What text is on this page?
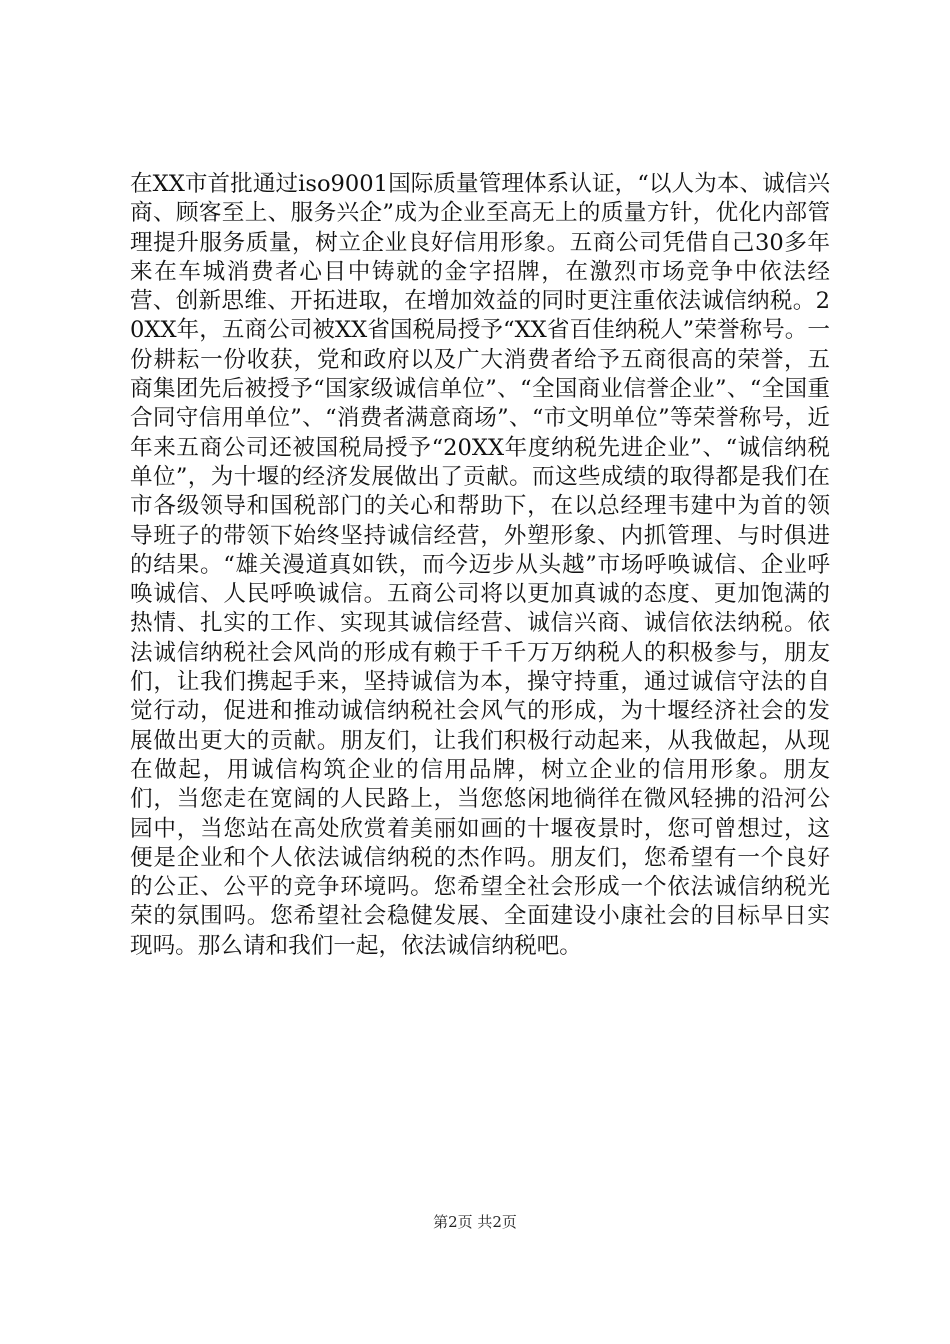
在XX市首批通过iso9001国际质量管理体系认证，“以人为本、诚信兴商、顾客至上、服务兴企”成为企业至高无上的质量方针，优化内部管理提升服务质量，树立企业良好信用形象。五商公司凭借自己30多年来在车城消费者心目中铸就的金字招牌，在激烈市场竞争中依法经营、创新思维、开拓进取，在增加效益的同时更注重依法诚信纳税。20XX年，五商公司被XX省国税局授予“XX省百佳纳税人”荣誉称号。一份耕耘一份收获，党和政府以及广大消费者给予五商很高的荣誉，五商集团先后被授予“国家级诚信单位”、“全国商业信誉企业”、“全国重合同守信用单位”、“消费者满意商场”、“市文明单位”等荣誉称号，近年来五商公司还被国税局授予“20XX年度纳税先进企业”、“诚信纳税单位”，为十堰的经济发展做出了贡献。而这些成绩的取得都是我们在市各级领导和国税部门的关心和帮助下，在以总经理韦建中为首的领导班子的带领下始终坚持诚信经营，外塑形象、内抓管理、与时俱进的结果。“雄关漫道真如铁，而今迈步从头越”市场呼唤诚信、企业呼唤诚信、人民呼唤诚信。五商公司将以更加真诚的态度、更加饱满的热情、扎实的工作、实现其诚信经营、诚信兴商、诚信依法纳税。依法诚信纳税社会风尚的形成有赖于千千万万纳税人的积极参与，朋友们，让我们携起手来，坚持诚信为本，操守持重，通过诚信守法的自觉行动，促进和推动诚信纳税社会风气的形成，为十堰经济社会的发展做出更大的贡献。朋友们，让我们积极行动起来，从我做起，从现在做起，用诚信构筑企业的信用品牌，树立企业的信用形象。朋友们，当您走在宽阔的人民路上，当您悠闲地徜徉在微风轻拂的沿河公园中，当您站在高处欣赏着美丽如画的十堰夜景时，您可曾想过，这便是企业和个人依法诚信纳税的杰作吗。朋友们，您希望有一个良好的公正、公平的竞争环境吗。您希望全社会形成一个依法诚信纳税光荣的氛围吗。您希望社会稳健发展、全面建设小康社会的目标早日实现吗。那么请和我们一起，依法诚信纳税吧。

第2页 共2页
